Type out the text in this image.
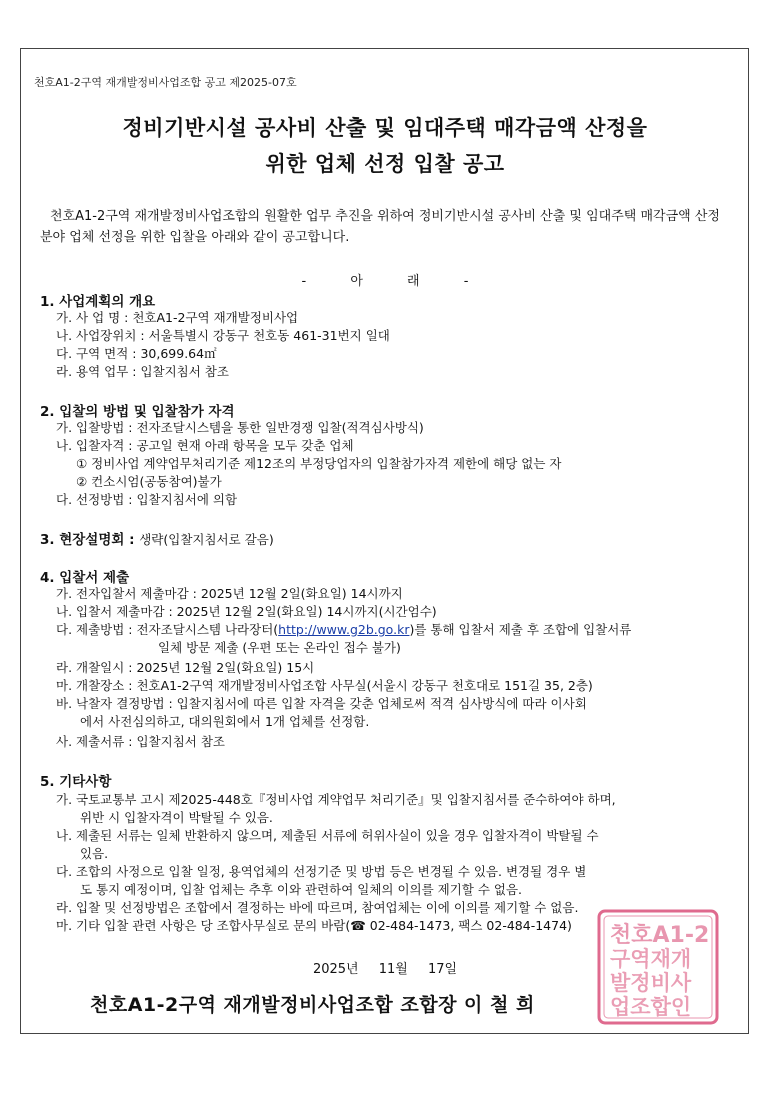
천호A1-2구역 재개발정비사업조합 공고 제2025-07호
정비기반시설 공사비 산출 및 임대주택 매각금액 산정을
위한 업체 선정 입찰 공고
천호A1-2구역 재개발정비사업조합의 원활한 업무 추진을 위하여 정비기반시설 공사비 산출 및 임대주택 매각금액 산정분야 업체 선정을 위한 입찰을 아래와 같이 공고합니다.
- 아 래 -
1. 사업계획의 개요
가. 사 업 명 : 천호A1-2구역 재개발정비사업
나. 사업장위치 : 서울특별시 강동구 천호동 461-31번지 일대
다. 구역 면적 : 30,699.64㎡
라. 용역 업무 : 입찰지침서 참조
2. 입찰의 방법 및 입찰참가 자격
가. 입찰방법 : 전자조달시스템을 통한 일반경쟁 입찰(적격심사방식)
나. 입찰자격 : 공고일 현재 아래 항목을 모두 갖춘 업체
① 정비사업 계약업무처리기준 제12조의 부정당업자의 입찰참가자격 제한에 해당 없는 자
② 컨소시엄(공동참여)불가
다. 선정방법 : 입찰지침서에 의함
3. 현장설명회 : 생략(입찰지침서로 갈음)
4. 입찰서 제출
가. 전자입찰서 제출마감 : 2025년 12월 2일(화요일) 14시까지
나. 입찰서 제출마감 : 2025년 12월 2일(화요일) 14시까지(시간엄수)
다. 제출방법 : 전자조달시스템 나라장터(http://www.g2b.go.kr)를 통해 입찰서 제출 후 조합에 입찰서류
일체 방문 제출 (우편 또는 온라인 접수 불가)
라. 개찰일시 : 2025년 12월 2일(화요일) 15시
마. 개찰장소 : 천호A1-2구역 재개발정비사업조합 사무실(서울시 강동구 천호대로 151길 35, 2층)
바. 낙찰자 결정방법 : 입찰지침서에 따른 입찰 자격을 갖춘 업체로써 적격 심사방식에 따라 이사회
에서 사전심의하고, 대의원회에서 1개 업체를 선정함.
사. 제출서류 : 입찰지침서 참조
5. 기타사항
가. 국토교통부 고시 제2025-448호『정비사업 계약업무 처리기준』및 입찰지침서를 준수하여야 하며,
위반 시 입찰자격이 박탈될 수 있음.
나. 제출된 서류는 일체 반환하지 않으며, 제출된 서류에 허위사실이 있을 경우 입찰자격이 박탈될 수
있음.
다. 조합의 사정으로 입찰 일정, 용역업체의 선정기준 및 방법 등은 변경될 수 있음. 변경될 경우 별
도 통지 예정이며, 입찰 업체는 추후 이와 관련하여 일체의 이의를 제기할 수 없음.
라. 입찰 및 선정방법은 조합에서 결정하는 바에 따르며, 참여업체는 이에 이의를 제기할 수 없음.
마. 기타 입찰 관련 사항은 당 조합사무실로 문의 바람(☎ 02-484-1473, 팩스 02-484-1474)
2025년 11월 17일
천호A1-2구역 재개발정비사업조합 조합장 이 철 희
천호A1-2
구역재개
발정비사
업조합인
